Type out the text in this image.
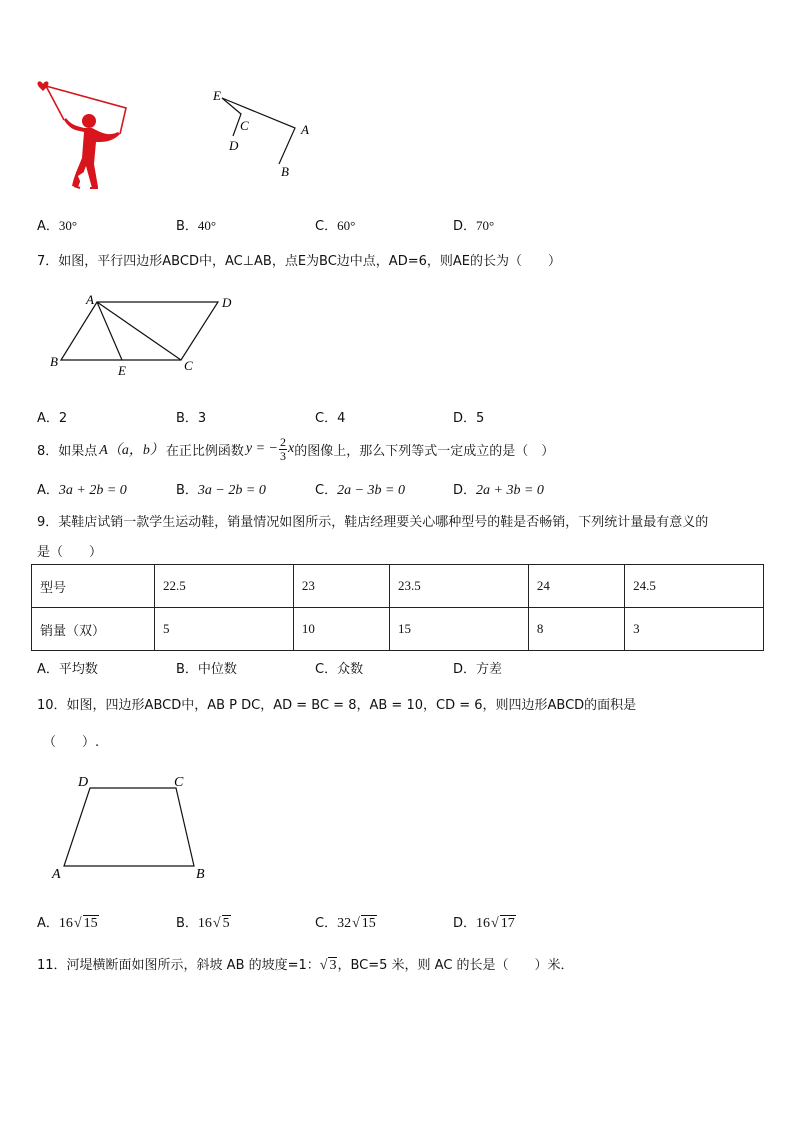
E
C
D
A
B
A．30°	B．40°	C．60°	D．70°
7．如图，平行四边形ABCD中，AC⊥AB，点E为BC边中点，AD=6，则AE的长为（　　）
A	D
B
E	C
A．2	B．3	C．4	D．5
8． 如果点 A（a，b） 在正比例函数 y = − $\frac{2}{3}$ x 的图像上，那么下列等式一定成立的是（　）
A．3a + 2b = 0	B．3a − 2b = 0	C．2a − 3b = 0	D．2a + 3b = 0
9．某鞋店试销一款学生运动鞋，销量情况如图所示，鞋店经理要关心哪种型号的鞋是否畅销，下列统计量最有意义的
是（　　）
型号	22.5	23	23.5	24	24.5
销量（双）	5	10	15	8	3
A．平均数	B．中位数	C．众数	D．方差
10．如图，四边形ABCD中，AB P DC，AD = BC = 8，AB = 10，CD = 6，则四边形ABCD的面积是
（　　）.
D	C
A	B
A．16√ 15	B．16√ 5	C．32√ 15	D．16√ 17
11．河堤横断面如图所示，斜坡 AB 的坡度=1：√ 3，BC=5 米，则 AC 的长是（　　）米．
